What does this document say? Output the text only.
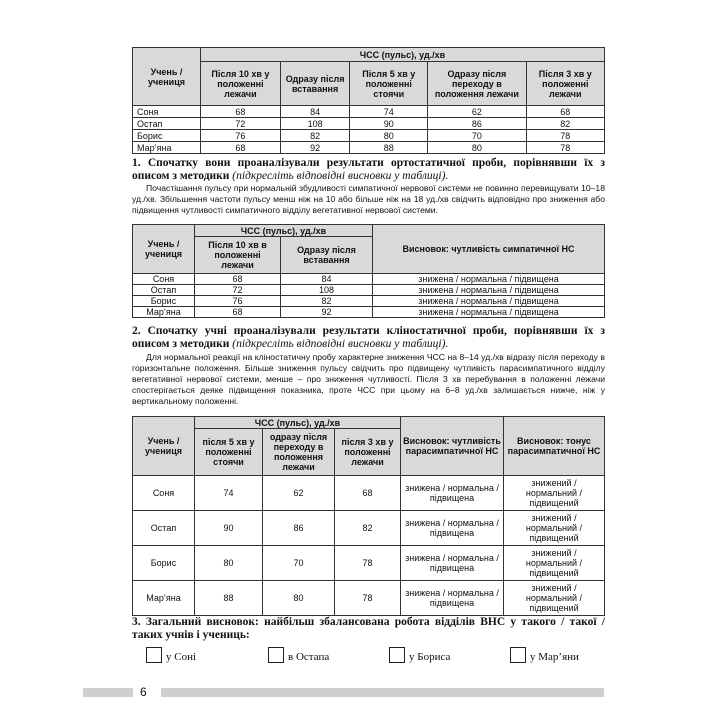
Учень / учениця	ЧСС (пульс), уд./хв				
	Після 10 хв у положенні лежачи	Одразу після вставання	Після 5 хв у положенні стоячи	Одразу після переходу в положення лежачи	Після 3 хв у положенні лежачи
Соня	68	84	74	62	68
Остап	72	108	90	86	82
Борис	76	82	80	70	78
Мар’яна	68	92	88	80	78
1. Спочатку вони проаналізували результати ортостатичної проби, порівнявши їх з описом з методики (підкресліть відповідні висновки у таблиці).

Почастішання пульсу при нормальній збудливості симпатичної нервової системи не повинно перевищувати 10–18 уд./хв. Збільшення частоти пульсу менш ніж на 10 або більше ніж на 18 уд./хв свідчить відповідно про зниження або підвищення чутливості симпатичного відділу вегетативної нервової системи.

Учень / учениця	ЧСС (пульс), уд./хв		Висновок: чутливість симпатичної НС
	Після 10 хв в положенні лежачи	Одразу після вставання	
Соня	68	84	знижена / нормальна / підвищена
Остап	72	108	знижена / нормальна / підвищена
Борис	76	82	знижена / нормальна / підвищена
Мар’яна	68	92	знижена / нормальна / підвищена
2. Спочатку учні проаналізували результати кліностатичної проби, порівнявши їх з описом з методики (підкресліть відповідні висновки у таблиці).

Для нормальної реакції на кліностатичну пробу характерне зниження ЧСС на 8–14 уд./хв відразу після переходу в горизонтальне положення. Більше зниження пульсу свідчить про підвищену чутливість парасимпатичного відділу вегетативної нервової системи, менше – про зниження чутливості. Після 3 хв перебування в положенні лежачи спостерігається деяке підвищення показника, проте ЧСС при цьому на 6–8 уд./хв залишається нижче, ніж у вертикальному положенні.

Учень / учениця	ЧСС (пульс), уд./хв			Висновок: чутливість парасимпатичної НС	Висновок: тонус парасимпатичної НС
	після 5 хв у положенні стоячи	одразу після переходу в положення лежачи	після 3 хв у положенні лежачи		
Соня	74	62	68	знижена / нормальна / підвищена	знижений / нормальний / підвищений
Остап	90	86	82	знижена / нормальна / підвищена	знижений / нормальний / підвищений
Борис	80	70	78	знижена / нормальна / підвищена	знижений / нормальний / підвищений
Мар’яна	88	80	78	знижена / нормальна / підвищена	знижений / нормальний / підвищений
3. Загальний висновок: найбільш збалансована робота відділів ВНС у такого / такої / таких учнів і учениць:
у Соні	в Остапа	у Бориса	у Мар’яни
6
